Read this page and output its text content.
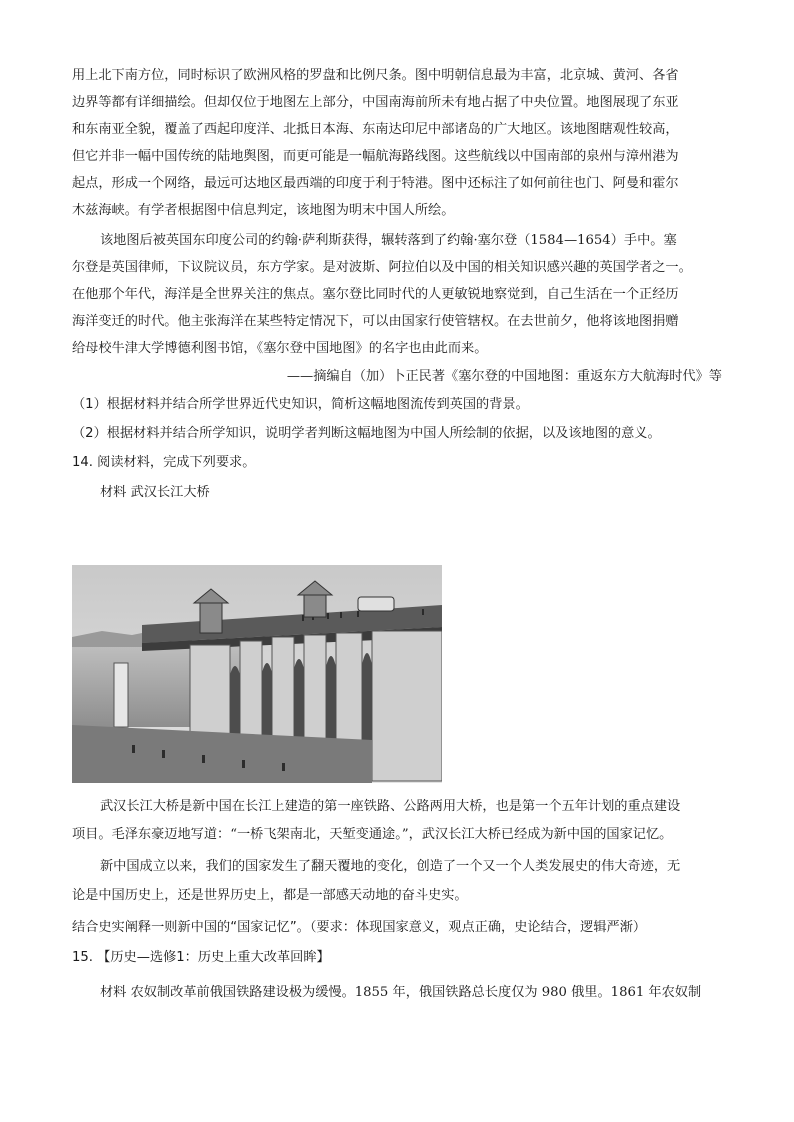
用上北下南方位，同时标识了欧洲风格的罗盘和比例尺条。图中明朝信息最为丰富，北京城、黄河、各省
边界等都有详细描绘。但却仅位于地图左上部分，中国南海前所未有地占据了中央位置。地图展现了东亚
和东南亚全貌，覆盖了西起印度洋、北抵日本海、东南达印尼中部诸岛的广大地区。该地图瞎观性较高，
但它并非一幅中国传统的陆地舆图，而更可能是一幅航海路线图。这些航线以中国南部的泉州与漳州港为
起点，形成一个网络，最远可达地区最西端的印度于利于特港。图中还标注了如何前往也门、阿曼和霍尔
木兹海峡。有学者根据图中信息判定，该地图为明末中国人所绘。
该地图后被英国东印度公司的约翰·萨利斯获得，辗转落到了约翰·塞尔登（1584—1654）手中。塞
尔登是英国律师，下议院议员，东方学家。是对波斯、阿拉伯以及中国的相关知识感兴趣的英国学者之一。
在他那个年代，海洋是全世界关注的焦点。塞尔登比同时代的人更敏锐地察觉到，自己生活在一个正经历
海洋变迁的时代。他主张海洋在某些特定情况下，可以由国家行使管辖权。在去世前夕，他将该地图捐赠
给母校牛津大学博德利图书馆，《塞尔登中国地图》的名字也由此而来。
——摘编自（加）卜正民著《塞尔登的中国地图：重返东方大航海时代》等
（1）根据材料并结合所学世界近代史知识，简析这幅地图流传到英国的背景。
（2）根据材料并结合所学知识，说明学者判断这幅地图为中国人所绘制的依据，以及该地图的意义。
14. 阅读材料，完成下列要求。
材料 武汉长江大桥
武汉长江大桥是新中国在长江上建造的第一座铁路、公路两用大桥，也是第一个五年计划的重点建设
项目。毛泽东豪迈地写道：“一桥飞架南北，天堑变通途。”，武汉长江大桥已经成为新中国的国家记忆。
新中国成立以来，我们的国家发生了翻天覆地的变化，创造了一个又一个人类发展史的伟大奇迹，无
论是中国历史上，还是世界历史上，都是一部感天动地的奋斗史实。
结合史实阐释一则新中国的“国家记忆”。（要求：体现国家意义，观点正确，史论结合，逻辑严渐）
15. 【历史—选修1：历史上重大改革回眸】
材料 农奴制改革前俄国铁路建设极为缓慢。1855 年，俄国铁路总长度仅为 980 俄里。1861 年农奴制
